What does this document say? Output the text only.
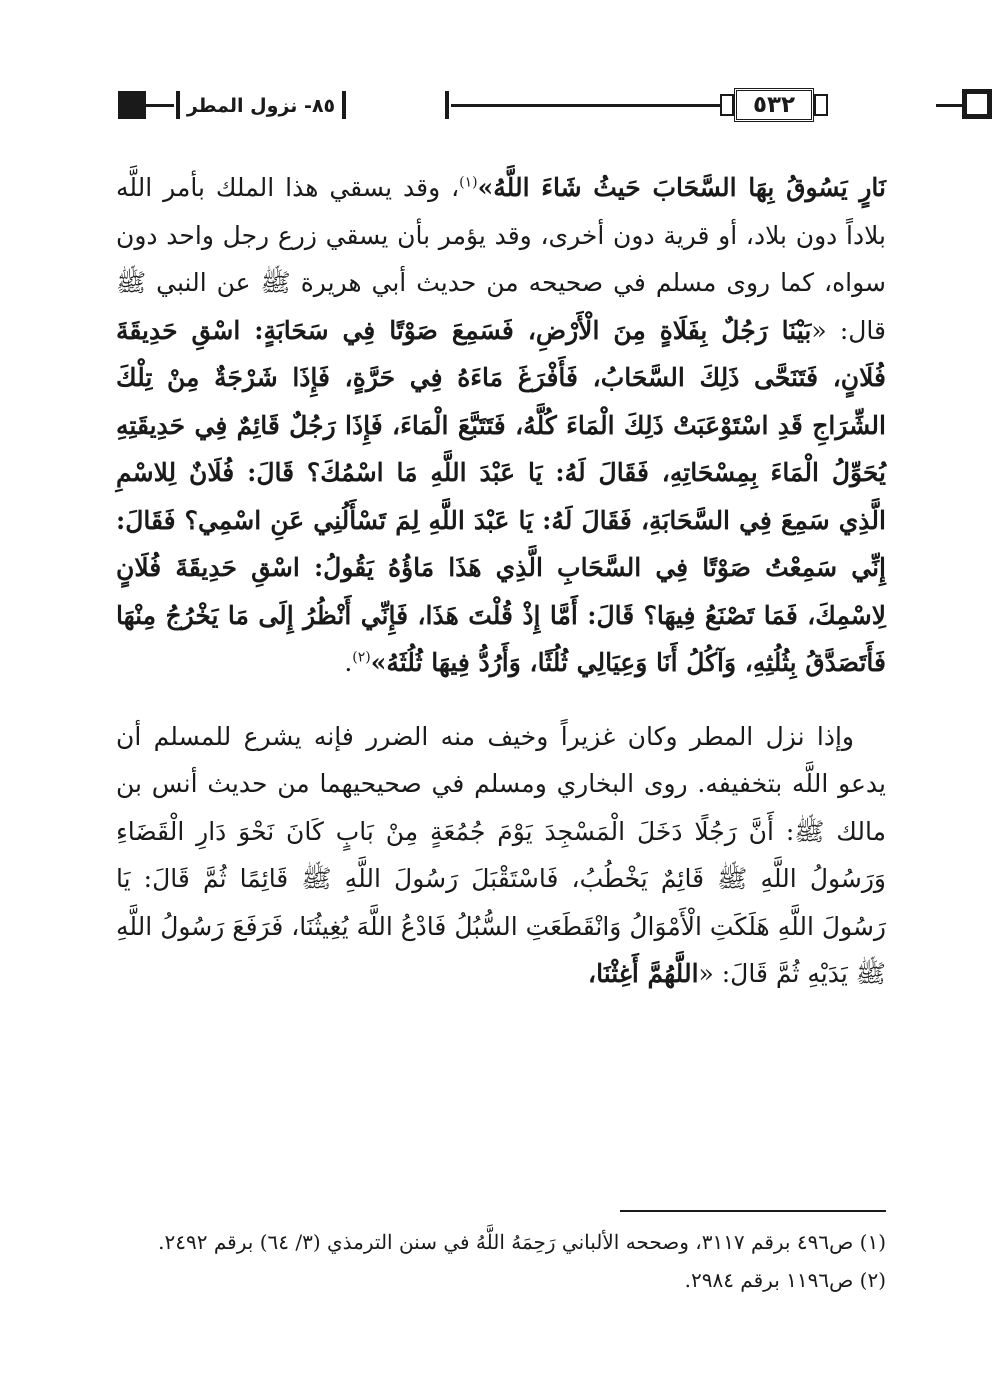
٨٥- نزول المطر	٥٣٢

نَارٍ يَسُوقُ بِهَا السَّحَابَ حَيثُ شَاءَ اللَّهُ»$^{(١)}$، وقد يسقي هذا الملك بأمر اللَّه بلاداً دون بلاد، أو قرية دون أخرى، وقد يؤمر بأن يسقي زرع رجل واحد دون سواه، كما روى مسلم في صحيحه من حديث أبي هريرة ﷺ عن النبي ﷺ قال: «بَيْنَا رَجُلٌ بِفَلَاةٍ مِنَ الْأَرْضِ، فَسَمِعَ صَوْتًا فِي سَحَابَةٍ: اسْقِ حَدِيقَةَ فُلَانٍ، فَتَنَحَّى ذَلِكَ السَّحَابُ، فَأَفْرَغَ مَاءَهُ فِي حَرَّةٍ، فَإِذَا شَرْجَةٌ مِنْ تِلْكَ الشِّرَاجِ قَدِ اسْتَوْعَبَتْ ذَلِكَ الْمَاءَ كُلَّهُ، فَتَتَبَّعَ الْمَاءَ، فَإِذَا رَجُلٌ قَائِمٌ فِي حَدِيقَتِهِ يُحَوِّلُ الْمَاءَ بِمِسْحَاتِهِ، فَقَالَ لَهُ: يَا عَبْدَ اللَّهِ مَا اسْمُكَ؟ قَالَ: فُلَانٌ لِلاسْمِ الَّذِي سَمِعَ فِي السَّحَابَةِ، فَقَالَ لَهُ: يَا عَبْدَ اللَّهِ لِمَ تَسْأَلُنِي عَنِ اسْمِي؟ فَقَالَ: إِنِّي سَمِعْتُ صَوْتًا فِي السَّحَابِ الَّذِي هَذَا مَاؤُهُ يَقُولُ: اسْقِ حَدِيقَةَ فُلَانٍ لِاسْمِكَ، فَمَا تَصْنَعُ فِيهَا؟ قَالَ: أَمَّا إِذْ قُلْتَ هَذَا، فَإِنِّي أَنْظُرُ إِلَى مَا يَخْرُجُ مِنْهَا فَأَتَصَدَّقُ بِثُلُثِهِ، وَآكُلُ أَنَا وَعِيَالِي ثُلُثًا، وَأَرُدُّ فِيهَا ثُلُثَهُ»$^{(٢)}$.

وإذا نزل المطر وكان غزيراً وخيف منه الضرر فإنه يشرع للمسلم أن يدعو اللَّه بتخفيفه. روى البخاري ومسلم في صحيحيهما من حديث أنس بن مالك ﷺ: أَنَّ رَجُلًا دَخَلَ الْمَسْجِدَ يَوْمَ جُمُعَةٍ مِنْ بَابٍ كَانَ نَحْوَ دَارِ الْقَضَاءِ وَرَسُولُ اللَّهِ ﷺ قَائِمٌ يَخْطُبُ، فَاسْتَقْبَلَ رَسُولَ اللَّهِ ﷺ قَائِمًا ثُمَّ قَالَ: يَا رَسُولَ اللَّهِ هَلَكَتِ الْأَمْوَالُ وَانْقَطَعَتِ السُّبُلُ فَادْعُ اللَّهَ يُغِيثُنَا، فَرَفَعَ رَسُولُ اللَّهِ ﷺ يَدَيْهِ ثُمَّ قَالَ: «اللَّهُمَّ أَغِثْنَا،

(١) ص٤٩٦ برقم ٣١١٧، وصححه الألباني رَحِمَهُ اللَّهُ في سنن الترمذي (٣/ ٦٤) برقم ٢٤٩٢.

(٢) ص١١٩٦ برقم ٢٩٨٤.
